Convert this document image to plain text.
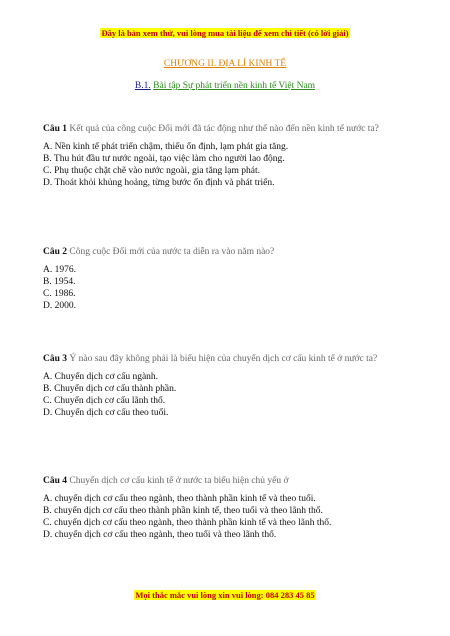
Đây là bản xem thử, vui lòng mua tài liệu để xem chi tiết (có lời giải)
CHƯƠNG II. ĐỊA LÍ KINH TẾ
B.1. Bài tập Sự phát triển nền kinh tế Việt Nam

Câu 1 Kết quả của công cuộc Đổi mới đã tác động như thế nào đến nền kinh tế nước ta?

A. Nền kinh tế phát triển chậm, thiếu ổn định, lạm phát gia tăng.

B. Thu hút đầu tư nước ngoài, tạo việc làm cho người lao động.

C. Phụ thuộc chặt chẽ vào nước ngoài, gia tăng lạm phát.

D. Thoát khỏi khủng hoảng, từng bước ổn định và phát triển.

Câu 2 Công cuộc Đổi mới của nước ta diễn ra vào năm nào?

A. 1976.

B. 1954.

C. 1986.

D. 2000.

Câu 3 Ý nào sau đây không phải là biểu hiện của chuyển dịch cơ cấu kinh tế ở nước ta?

A. Chuyển dịch cơ cấu ngành.

B. Chuyển dịch cơ cấu thành phần.

C. Chuyển dịch cơ cấu lãnh thổ.

D. Chuyển dịch cơ cấu theo tuổi.

Câu 4 Chuyển dịch cơ cấu kinh tế ở nước ta biểu hiện chủ yếu ở

A. chuyển dịch cơ cấu theo ngành, theo thành phần kinh tế và theo tuổi.

B. chuyển dịch cơ cấu theo thành phần kinh tế, theo tuổi và theo lãnh thổ.

C. chuyển dịch cơ cấu theo ngành, theo thành phần kinh tế và theo lãnh thổ.

D. chuyển dịch cơ cấu theo ngành, theo tuổi và theo lãnh thổ.

Mọi thắc mắc vui lòng xin vui lòng: 084 283 45 85
